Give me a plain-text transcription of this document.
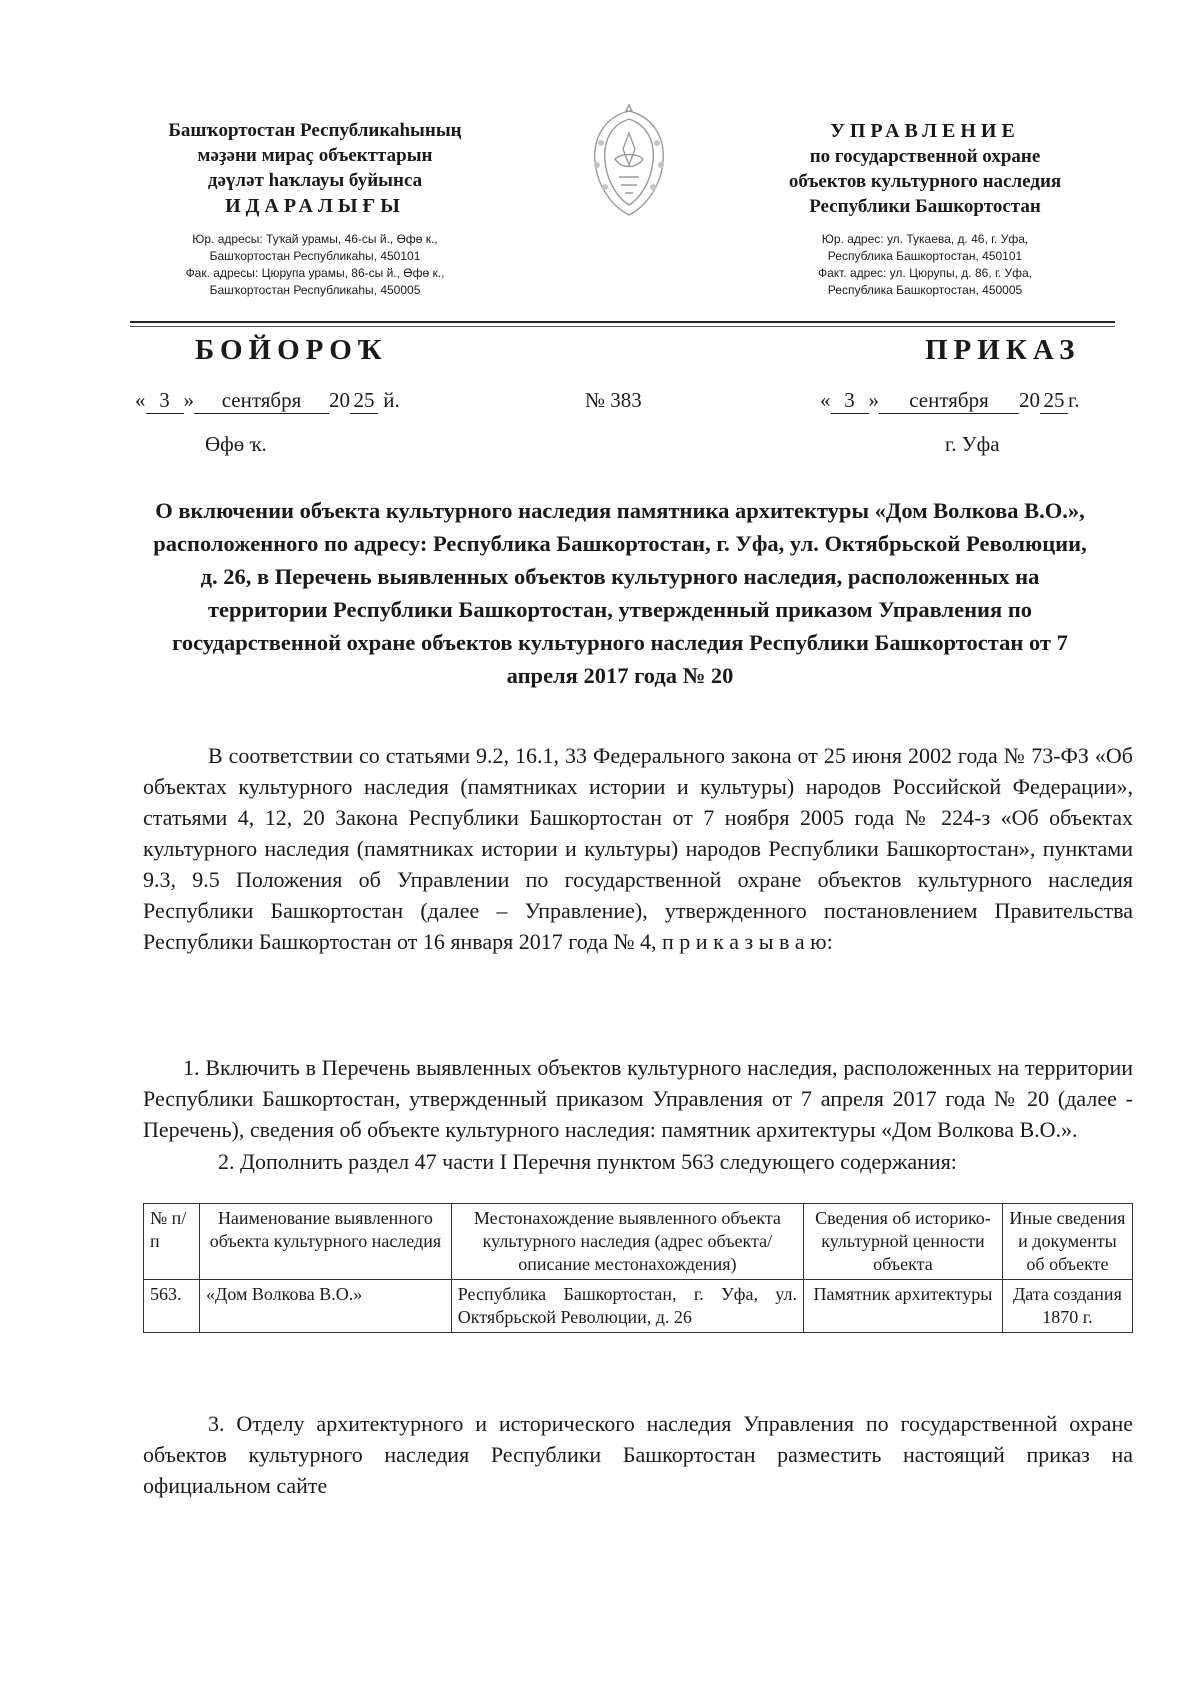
Башҡортостан Республикаһының
мәҙәни мираҫ объекттарын
дәүләт һаҡлауы буйынса
ИДАРАЛЫҒЫ
Юр. адресы: Туҡай урамы, 46-сы й., Өфө к.,
Башҡортостан Республикаһы, 450101
Фак. адресы: Цюрупа урамы, 86-сы й., Өфө к.,
Башҡортостан Республикаһы, 450005
УПРАВЛЕНИЕ
по государственной охране
объектов культурного наследия
Республики Башкортостан
Юр. адрес: ул. Тукаева, д. 46, г. Уфа,
Республика Башкортостан, 450101
Факт. адрес: ул. Цюрупы, д. 86, г. Уфа,
Республика Башкортостан, 450005
БОЙОРОҠ	ПРИКАЗ
« 3 » сентября 20 25 й.	№ 383	« 3 » сентября 20 25 г.
Өфө ҡ.	г. Уфа
О включении объекта культурного наследия памятника архитектуры «Дом Волкова В.О.», расположенного по адресу: Республика Башкортостан, г. Уфа, ул. Октябрьской Революции, д. 26, в Перечень выявленных объектов культурного наследия, расположенных на территории Республики Башкортостан, утвержденный приказом Управления по государственной охране объектов культурного наследия Республики Башкортостан от 7 апреля 2017 года № 20
В соответствии со статьями 9.2, 16.1, 33 Федерального закона от 25 июня 2002 года № 73-ФЗ «Об объектах культурного наследия (памятниках истории и культуры) народов Российской Федерации», статьями 4, 12, 20 Закона Республики Башкортостан от 7 ноября 2005 года № 224-з «Об объектах культурного наследия (памятниках истории и культуры) народов Республики Башкортостан», пунктами 9.3, 9.5 Положения об Управлении по государственной охране объектов культурного наследия Республики Башкортостан (далее – Управление), утвержденного постановлением Правительства Республики Башкортостан от 16 января 2017 года № 4, п р и к а з ы в а ю:
1. Включить в Перечень выявленных объектов культурного наследия, расположенных на территории Республики Башкортостан, утвержденный приказом Управления от 7 апреля 2017 года № 20 (далее - Перечень), сведения об объекте культурного наследия: памятник архитектуры «Дом Волкова В.О.».
2. Дополнить раздел 47 части I Перечня пунктом 563 следующего содержания:
№ п/п	Наименование выявленного объекта культурного наследия	Местонахождение выявленного объекта культурного наследия (адрес объекта/описание местонахождения)	Сведения об историко-культурной ценности объекта	Иные сведения и документы об объекте
563.	«Дом Волкова В.О.»	Республика Башкортостан, г. Уфа, ул. Октябрьской Революции, д. 26	Памятник архитектуры	Дата создания 1870 г.
3. Отделу архитектурного и исторического наследия Управления по государственной охране объектов культурного наследия Республики Башкортостан разместить настоящий приказ на официальном сайте
